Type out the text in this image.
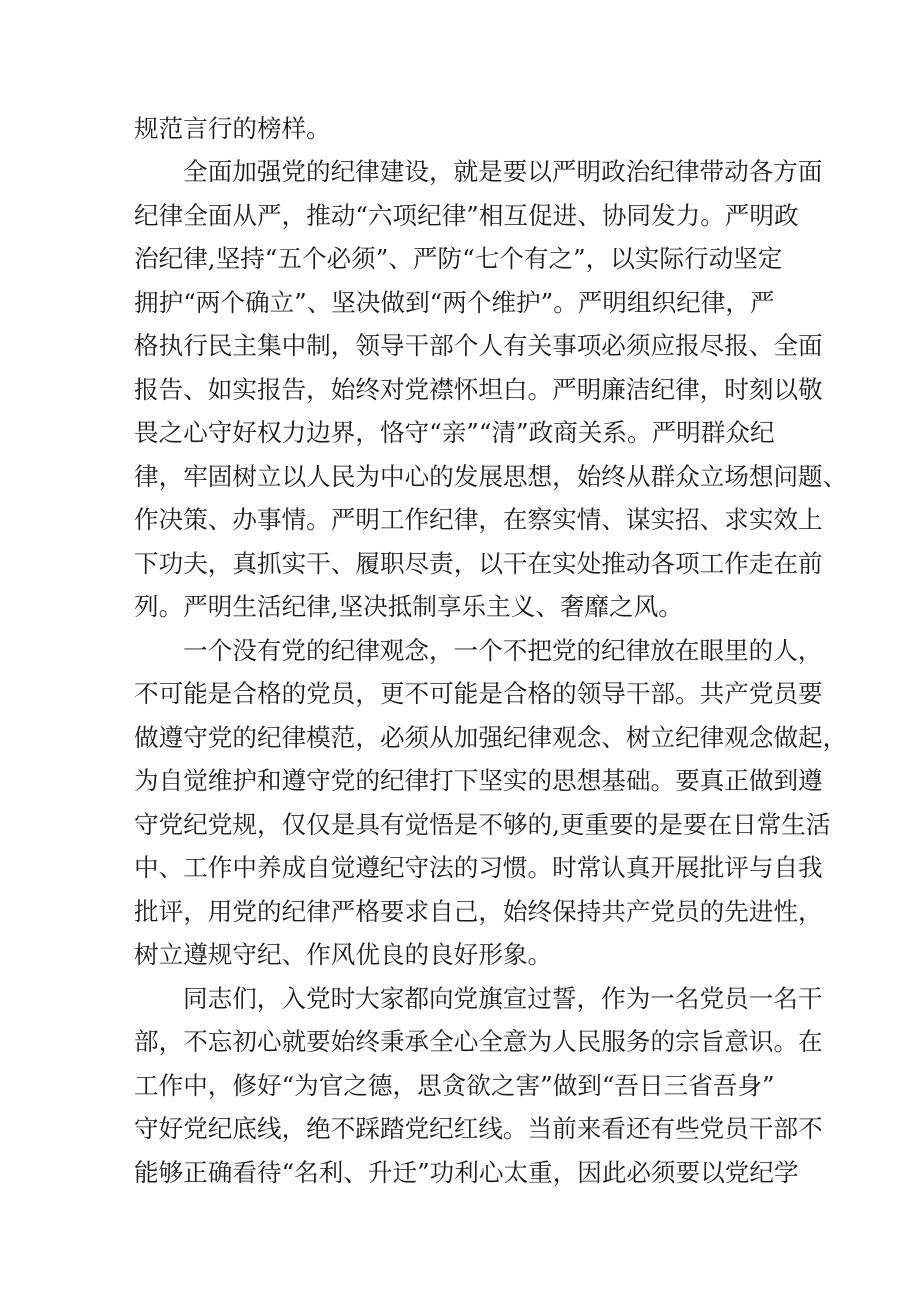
规范言行的榜样。

全面加强党的纪律建设，就是要以严明政治纪律带动各方面

纪律全面从严，推动“六项纪律”相互促进、协同发力。严明政

治纪律,坚持“五个必须”、严防“七个有之”，以实际行动坚定

拥护“两个确立”、坚决做到“两个维护”。严明组织纪律，严

格执行民主集中制，领导干部个人有关事项必须应报尽报、全面

报告、如实报告，始终对党襟怀坦白。严明廉洁纪律，时刻以敬

畏之心守好权力边界，恪守“亲”“清”政商关系。严明群众纪

律，牢固树立以人民为中心的发展思想，始终从群众立场想问题、

作决策、办事情。严明工作纪律，在察实情、谋实招、求实效上

下功夫，真抓实干、履职尽责，以干在实处推动各项工作走在前

列。严明生活纪律,坚决抵制享乐主义、奢靡之风。

一个没有党的纪律观念，一个不把党的纪律放在眼里的人，

不可能是合格的党员，更不可能是合格的领导干部。共产党员要

做遵守党的纪律模范，必须从加强纪律观念、树立纪律观念做起，

为自觉维护和遵守党的纪律打下坚实的思想基础。要真正做到遵

守党纪党规，仅仅是具有觉悟是不够的,更重要的是要在日常生活

中、工作中养成自觉遵纪守法的习惯。时常认真开展批评与自我

批评，用党的纪律严格要求自己，始终保持共产党员的先进性，

树立遵规守纪、作风优良的良好形象。

同志们，入党时大家都向党旗宣过誓，作为一名党员一名干

部，不忘初心就要始终秉承全心全意为人民服务的宗旨意识。在

工作中，修好“为官之德，思贪欲之害”做到“吾日三省吾身”

守好党纪底线，绝不踩踏党纪红线。当前来看还有些党员干部不

能够正确看待“名利、升迁”功利心太重，因此必须要以党纪学
